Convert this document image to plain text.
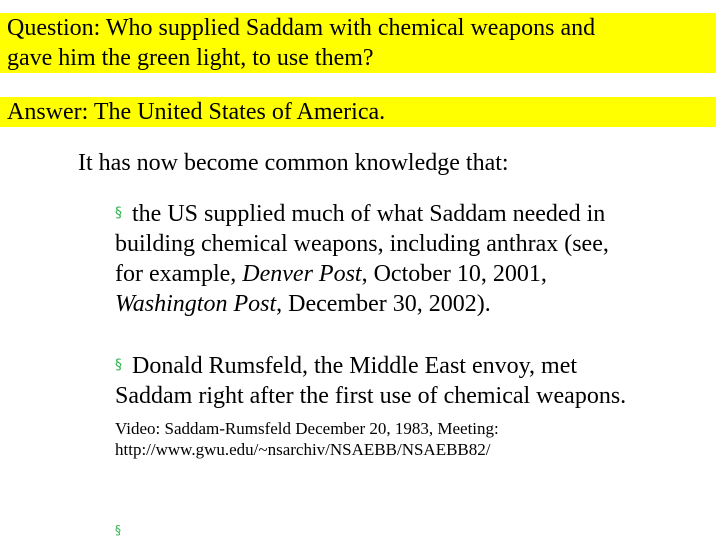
Question: Who supplied Saddam with chemical weapons and
gave him the green light, to use them?
Answer: The United States of America.
It has now become common knowledge that:
§ the US supplied much of what Saddam needed in
building chemical weapons, including anthrax (see,
for example, Denver Post, October 10, 2001,
Washington Post, December 30, 2002).
§ Donald Rumsfeld, the Middle East envoy, met
Saddam right after the first use of chemical weapons.
Video: Saddam-Rumsfeld December 20, 1983, Meeting:
http://www.gwu.edu/~nsarchiv/NSAEBB/NSAEBB82/
§
